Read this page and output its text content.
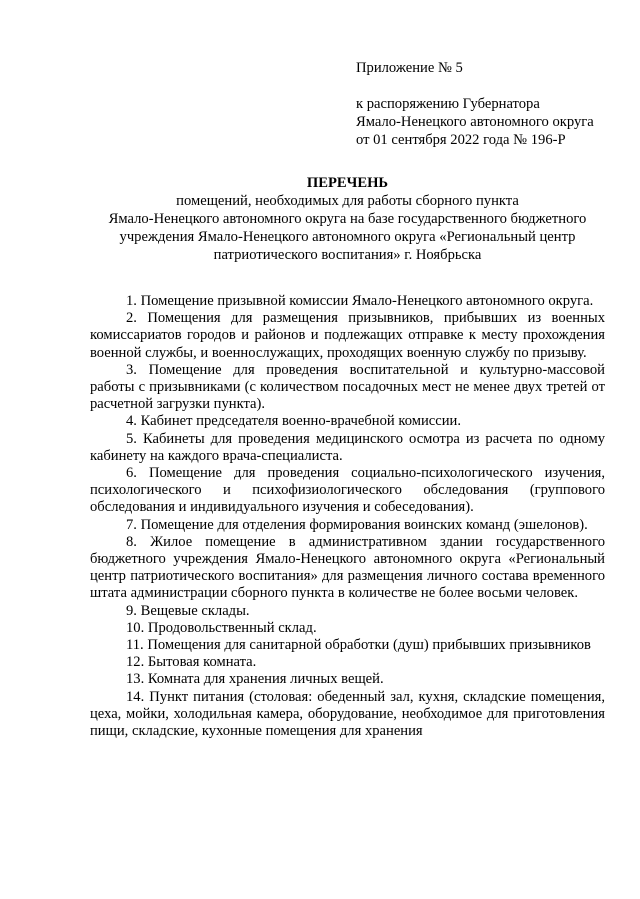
Приложение № 5
к распоряжению Губернатора
Ямало-Ненецкого автономного округа
от 01 сентября 2022 года № 196-Р
ПЕРЕЧЕНЬ
помещений, необходимых для работы сборного пункта
Ямало-Ненецкого автономного округа на базе государственного бюджетного
учреждения Ямало-Ненецкого автономного округа «Региональный центр
патриотического воспитания» г. Ноябрьска

1. Помещение призывной комиссии Ямало-Ненецкого автономного округа.

2. Помещения для размещения призывников, прибывших из военных комиссариатов городов и районов и подлежащих отправке к месту прохождения военной службы, и военнослужащих, проходящих военную службу по призыву.

3. Помещение для проведения воспитательной и культурно-массовой работы с призывниками (с количеством посадочных мест не менее двух третей от расчетной загрузки пункта).

4. Кабинет председателя военно-врачебной комиссии.

5. Кабинеты для проведения медицинского осмотра из расчета по одному кабинету на каждого врача-специалиста.

6. Помещение для проведения социально-психологического изучения, психологического и психофизиологического обследования (группового обследования и индивидуального изучения и собеседования).

7. Помещение для отделения формирования воинских команд (эшелонов).

8. Жилое помещение в административном здании государственного бюджетного учреждения Ямало-Ненецкого автономного округа «Региональный центр патриотического воспитания» для размещения личного состава временного штата администрации сборного пункта в количестве не более восьми человек.

9. Вещевые склады.

10. Продовольственный склад.

11. Помещения для санитарной обработки (душ) прибывших призывников

12. Бытовая комната.

13. Комната для хранения личных вещей.

14. Пункт питания (столовая: обеденный зал, кухня, складские помещения, цеха, мойки, холодильная камера, оборудование, необходимое для приготовления пищи, складские, кухонные помещения для хранения
